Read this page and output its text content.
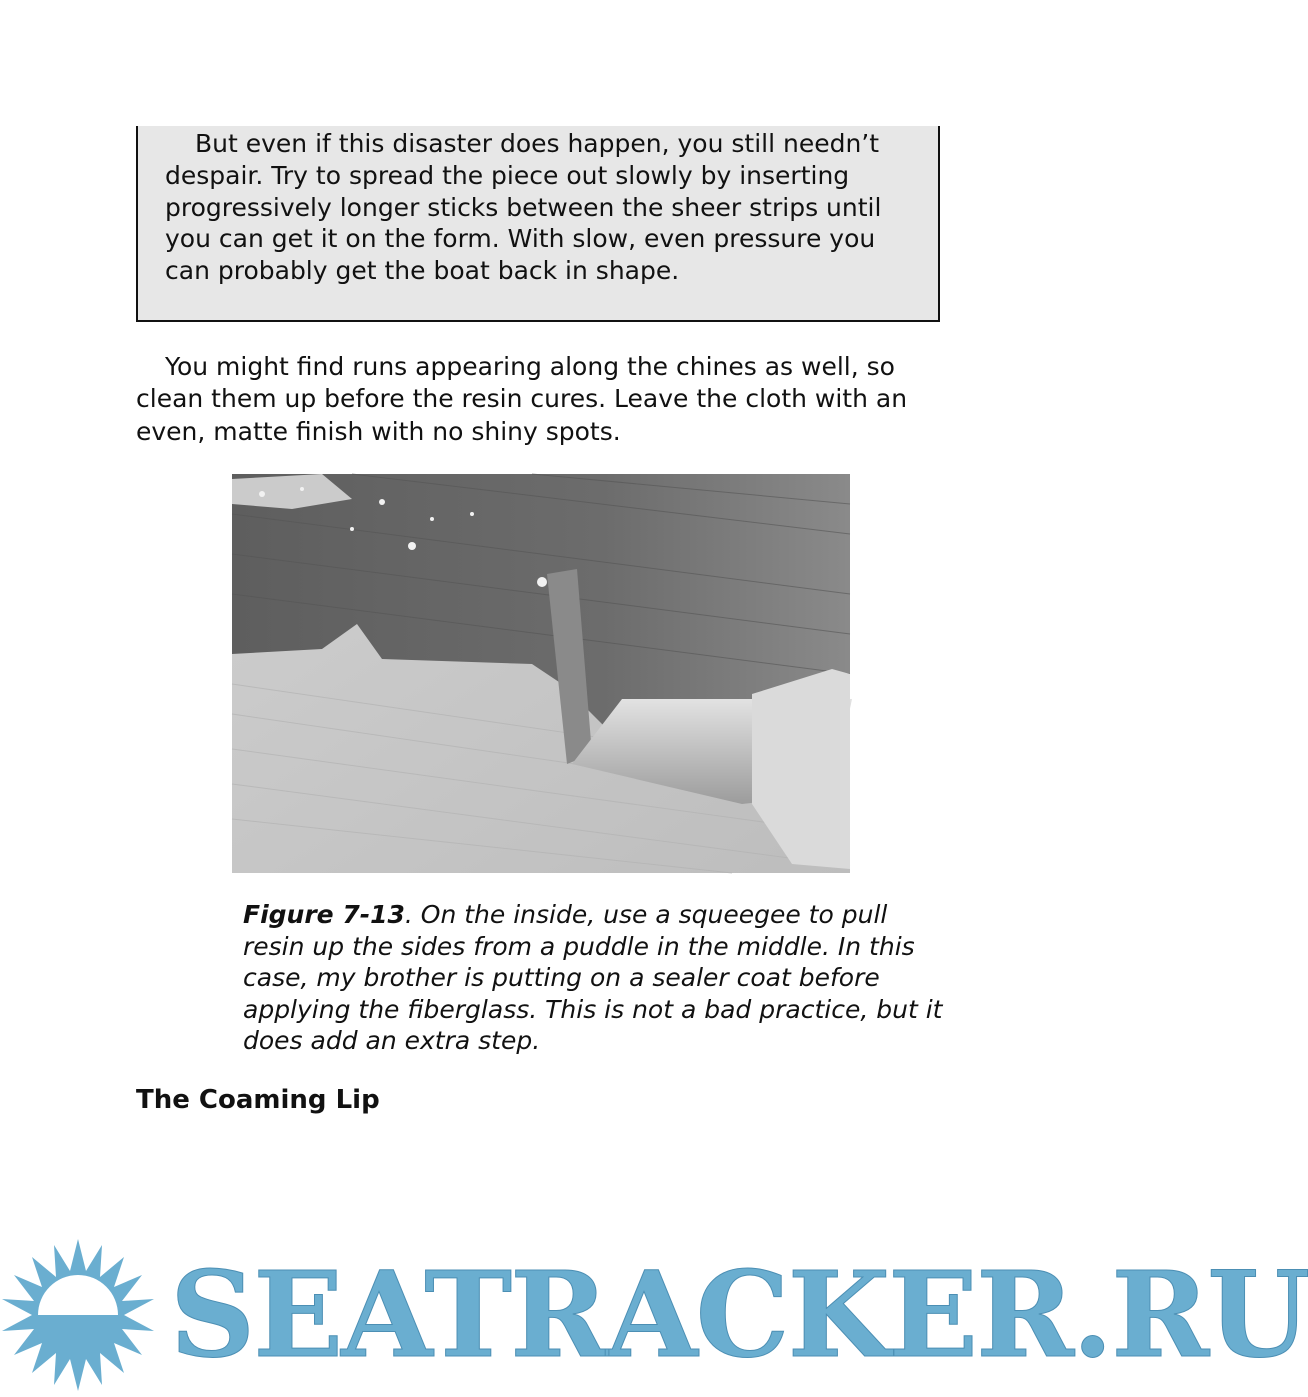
But even if this disaster does happen, you still needn’t despair. Try to spread the piece out slowly by inserting progressively longer sticks between the sheer strips until you can get it on the form. With slow, even pressure you can probably get the boat back in shape.

You might find runs appearing along the chines as well, so clean them up before the resin cures. Leave the cloth with an even, matte finish with no shiny spots.

Figure 7-13. On the inside, use a squeegee to pull resin up the sides from a puddle in the middle. In this case, my brother is putting on a sealer coat before applying the fiberglass. This is not a bad practice, but it does add an extra step.

The Coaming Lip
SEATRACKER.RU
